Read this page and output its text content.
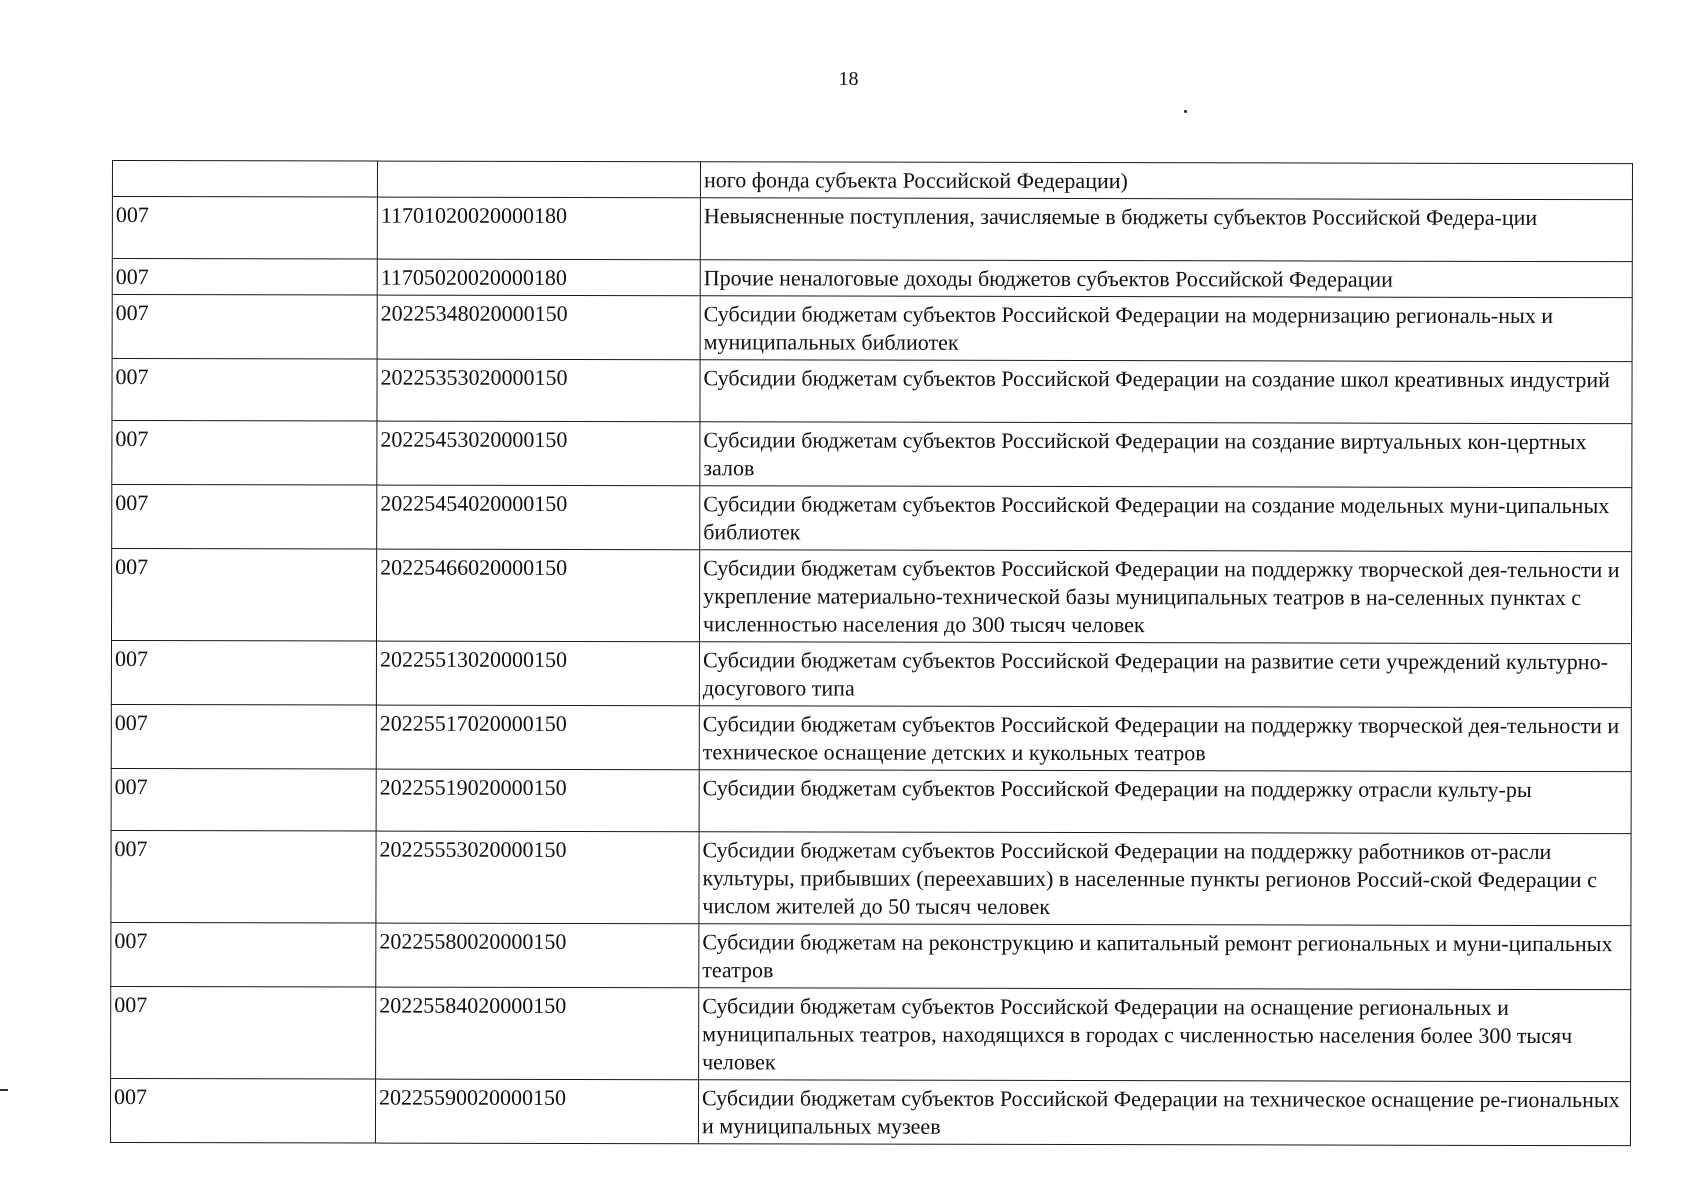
18
		ного фонда субъекта Российской Федерации)
007	11701020020000180	Невыясненные поступления, зачисляемые в бюджеты субъектов Российской Федера-ции
007	11705020020000180	Прочие неналоговые доходы бюджетов субъектов Российской Федерации
007	20225348020000150	Субсидии бюджетам субъектов Российской Федерации на модернизацию региональ-ных и муниципальных библиотек
007	20225353020000150	Субсидии бюджетам субъектов Российской Федерации на создание школ креативных индустрий
007	20225453020000150	Субсидии бюджетам субъектов Российской Федерации на создание виртуальных кон-цертных залов
007	20225454020000150	Субсидии бюджетам субъектов Российской Федерации на создание модельных муни-ципальных библиотек
007	20225466020000150	Субсидии бюджетам субъектов Российской Федерации на поддержку творческой дея-тельности и укрепление материально-технической базы муниципальных театров в на-селенных пунктах с численностью населения до 300 тысяч человек
007	20225513020000150	Субсидии бюджетам субъектов Российской Федерации на развитие сети учреждений культурно-досугового типа
007	20225517020000150	Субсидии бюджетам субъектов Российской Федерации на поддержку творческой дея-тельности и техническое оснащение детских и кукольных театров
007	20225519020000150	Субсидии бюджетам субъектов Российской Федерации на поддержку отрасли культу-ры
007	20225553020000150	Субсидии бюджетам субъектов Российской Федерации на поддержку работников от-расли культуры, прибывших (переехавших) в населенные пункты регионов Россий-ской Федерации с числом жителей до 50 тысяч человек
007	20225580020000150	Субсидии бюджетам на реконструкцию и капитальный ремонт региональных и муни-ципальных театров
007	20225584020000150	Субсидии бюджетам субъектов Российской Федерации на оснащение региональных и муниципальных театров, находящихся в городах с численностью населения более 300 тысяч человек
007	20225590020000150	Субсидии бюджетам субъектов Российской Федерации на техническое оснащение ре-гиональных и муниципальных музеев
